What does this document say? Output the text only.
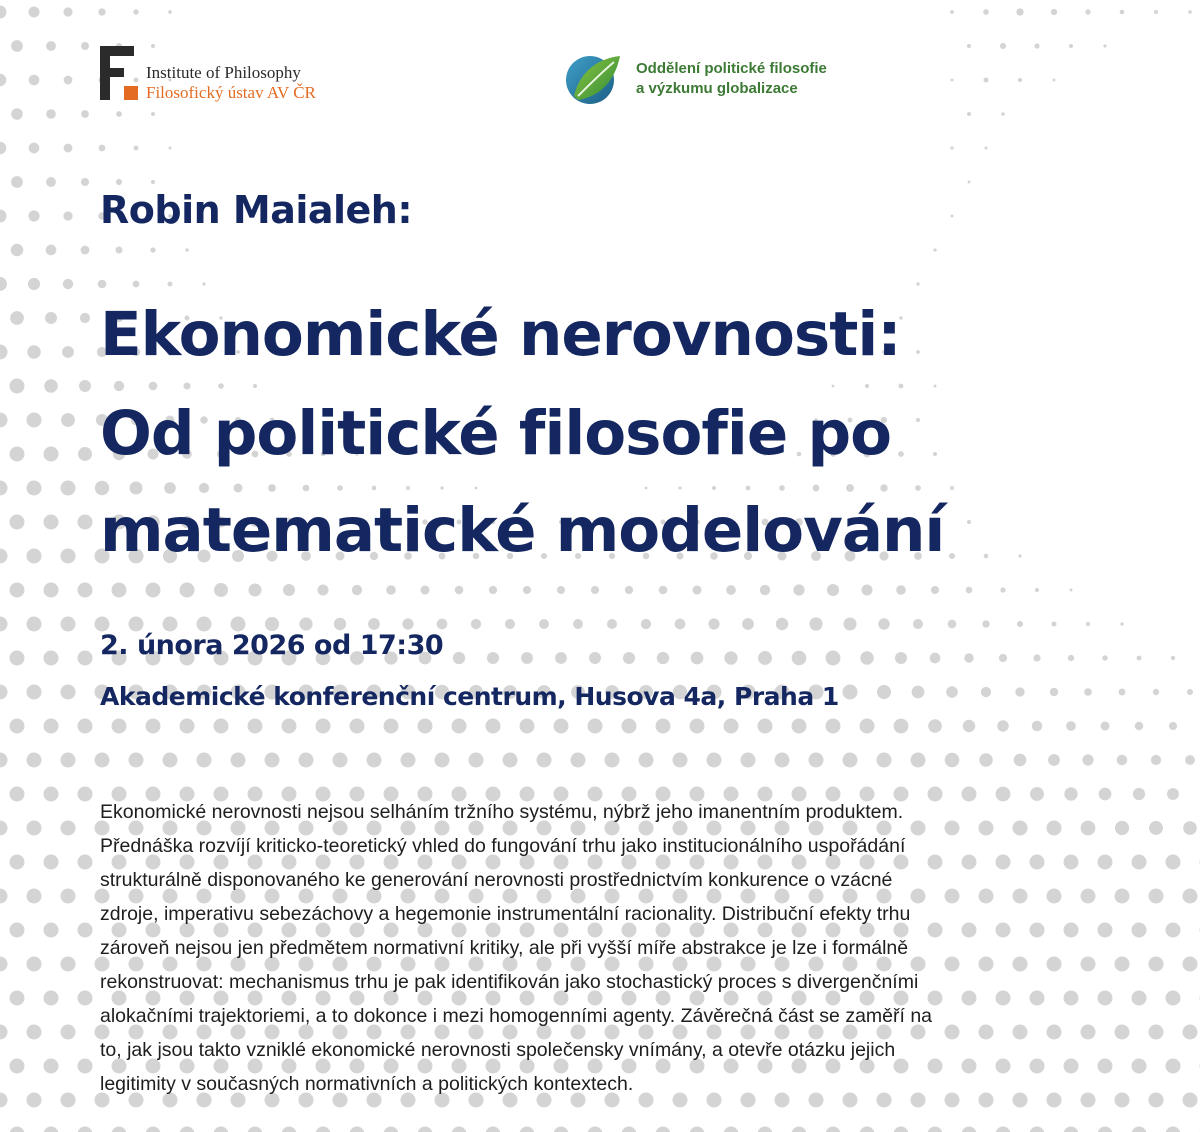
Institute of Philosophy
Filosofický ústav AV ČR
Oddělení politické filosofie
a výzkumu globalizace
Robin Maialeh:
Ekonomické nerovnosti:
Od politické filosofie po
matematické modelování
2. února 2026 od 17:30
Akademické konferenční centrum, Husova 4a, Praha 1
Ekonomické nerovnosti nejsou selháním tržního systému, nýbrž jeho imanentním produktem.
Přednáška rozvíjí kriticko-teoretický vhled do fungování trhu jako institucionálního uspořádání
strukturálně disponovaného ke generování nerovnosti prostřednictvím konkurence o vzácné
zdroje, imperativu sebezáchovy a hegemonie instrumentální racionality. Distribuční efekty trhu
zároveň nejsou jen předmětem normativní kritiky, ale při vyšší míře abstrakce je lze i formálně
rekonstruovat: mechanismus trhu je pak identifikován jako stochastický proces s divergenčními
alokačními trajektoriemi, a to dokonce i mezi homogenními agenty. Závěrečná část se zaměří na
to, jak jsou takto vzniklé ekonomické nerovnosti společensky vnímány, a otevře otázku jejich
legitimity v současných normativních a politických kontextech.
